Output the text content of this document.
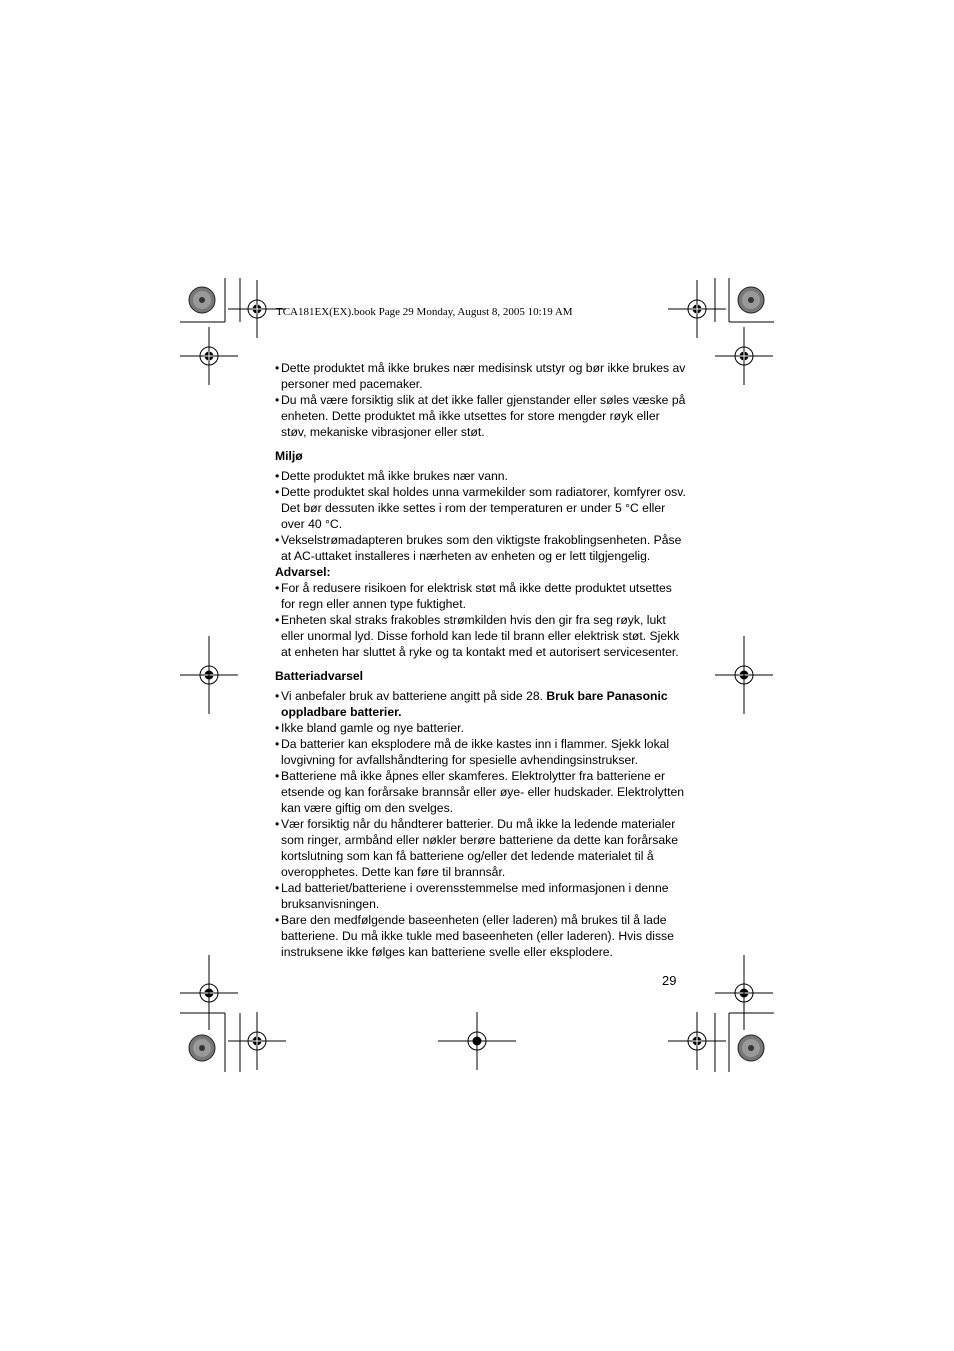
TCA181EX(EX).book Page 29 Monday, August 8, 2005 10:19 AM
• Dette produktet må ikke brukes nær medisinsk utstyr og bør ikke brukes av personer med pacemaker.

• Du må være forsiktig slik at det ikke faller gjenstander eller søles væske på enheten. Dette produktet må ikke utsettes for store mengder røyk eller støv, mekaniske vibrasjoner eller støt.

Miljø

• Dette produktet må ikke brukes nær vann.

• Dette produktet skal holdes unna varmekilder som radiatorer, komfyrer osv. Det bør dessuten ikke settes i rom der temperaturen er under 5 °C eller over 40 °C.

• Vekselstrømadapteren brukes som den viktigste frakoblingsenheten. Påse at AC-uttaket installeres i nærheten av enheten og er lett tilgjengelig.

Advarsel:

• For å redusere risikoen for elektrisk støt må ikke dette produktet utsettes for regn eller annen type fuktighet.

• Enheten skal straks frakobles strømkilden hvis den gir fra seg røyk, lukt eller unormal lyd. Disse forhold kan lede til brann eller elektrisk støt. Sjekk at enheten har sluttet å ryke og ta kontakt med et autorisert servicesenter.

Batteriadvarsel

• Vi anbefaler bruk av batteriene angitt på side 28. Bruk bare Panasonic oppladbare batterier.

• Ikke bland gamle og nye batterier.

• Da batterier kan eksplodere må de ikke kastes inn i flammer. Sjekk lokal lovgivning for avfallshåndtering for spesielle avhendingsinstrukser.

• Batteriene må ikke åpnes eller skamferes. Elektrolytter fra batteriene er etsende og kan forårsake brannsår eller øye- eller hudskader. Elektrolytten kan være giftig om den svelges.

• Vær forsiktig når du håndterer batterier. Du må ikke la ledende materialer som ringer, armbånd eller nøkler berøre batteriene da dette kan forårsake kortslutning som kan få batteriene og/eller det ledende materialet til å overopphetes. Dette kan føre til brannsår.

• Lad batteriet/batteriene i overensstemmelse med informasjonen i denne bruksanvisningen.

• Bare den medfølgende baseenheten (eller laderen) må brukes til å lade batteriene. Du må ikke tukle med baseenheten (eller laderen). Hvis disse instruksene ikke følges kan batteriene svelle eller eksplodere.

29
